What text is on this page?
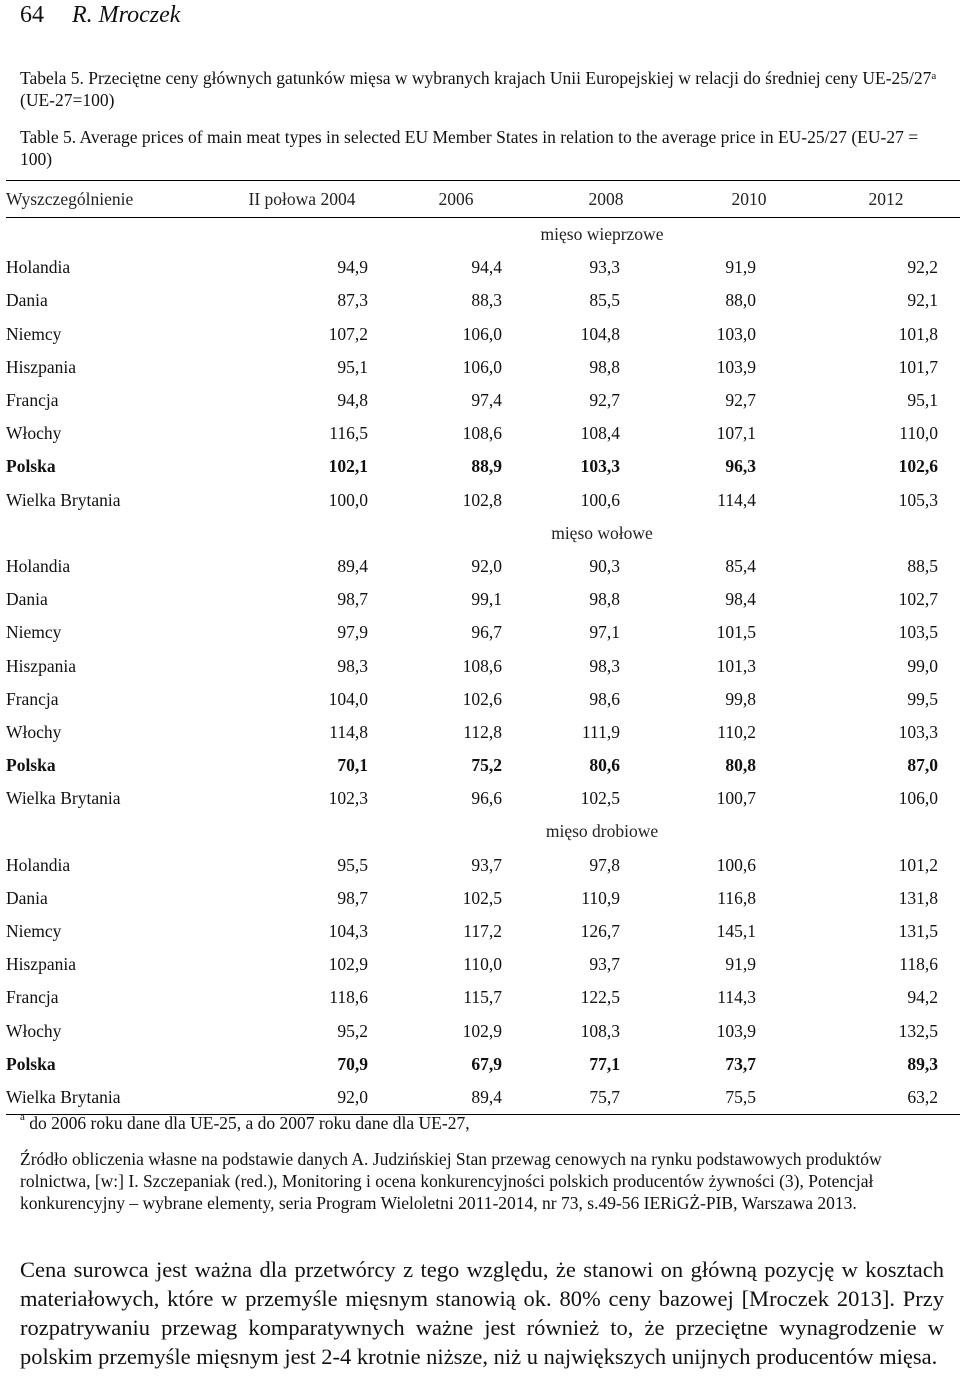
64 R. Mroczek
Tabela 5. Przeciętne ceny głównych gatunków mięsa w wybranych krajach Unii Europejskiej w relacji do średniej ceny UE-25/27$^a$ (UE-27=100)
Table 5. Average prices of main meat types in selected EU Member States in relation to the average price in EU-25/27 (EU-27 = 100)
Wyszczególnienie	II połowa 2004	2006	2008	2010	2012
mięso wieprzowe					
Holandia	94,9	94,4	93,3	91,9	92,2
Dania	87,3	88,3	85,5	88,0	92,1
Niemcy	107,2	106,0	104,8	103,0	101,8
Hiszpania	95,1	106,0	98,8	103,9	101,7
Francja	94,8	97,4	92,7	92,7	95,1
Włochy	116,5	108,6	108,4	107,1	110,0
Polska	102,1	88,9	103,3	96,3	102,6
Wielka Brytania	100,0	102,8	100,6	114,4	105,3
mięso wołowe					
Holandia	89,4	92,0	90,3	85,4	88,5
Dania	98,7	99,1	98,8	98,4	102,7
Niemcy	97,9	96,7	97,1	101,5	103,5
Hiszpania	98,3	108,6	98,3	101,3	99,0
Francja	104,0	102,6	98,6	99,8	99,5
Włochy	114,8	112,8	111,9	110,2	103,3
Polska	70,1	75,2	80,6	80,8	87,0
Wielka Brytania	102,3	96,6	102,5	100,7	106,0
mięso drobiowe					
Holandia	95,5	93,7	97,8	100,6	101,2
Dania	98,7	102,5	110,9	116,8	131,8
Niemcy	104,3	117,2	126,7	145,1	131,5
Hiszpania	102,9	110,0	93,7	91,9	118,6
Francja	118,6	115,7	122,5	114,3	94,2
Włochy	95,2	102,9	108,3	103,9	132,5
Polska	70,9	67,9	77,1	73,7	89,3
Wielka Brytania	92,0	89,4	75,7	75,5	63,2
$^a$ do 2006 roku dane dla UE-25, a do 2007 roku dane dla UE-27,
Źródło obliczenia własne na podstawie danych A. Judzińskiej Stan przewag cenowych na rynku podstawowych produktów rolnictwa, [w:] I. Szczepaniak (red.), Monitoring i ocena konkurencyjności polskich producentów żywności (3), Potencjał konkurencyjny – wybrane elementy, seria Program Wieloletni 2011-2014, nr 73, s.49-56 IERiGŻ-PIB, Warszawa 2013.
Cena surowca jest ważna dla przetwórcy z tego względu, że stanowi on główną pozycję w kosztach materiałowych, które w przemyśle mięsnym stanowią ok. 80% ceny bazowej [Mroczek 2013]. Przy rozpatrywaniu przewag komparatywnych ważne jest również to, że przeciętne wynagrodzenie w polskim przemyśle mięsnym jest 2-4 krotnie niższe, niż u największych unijnych producentów mięsa.
